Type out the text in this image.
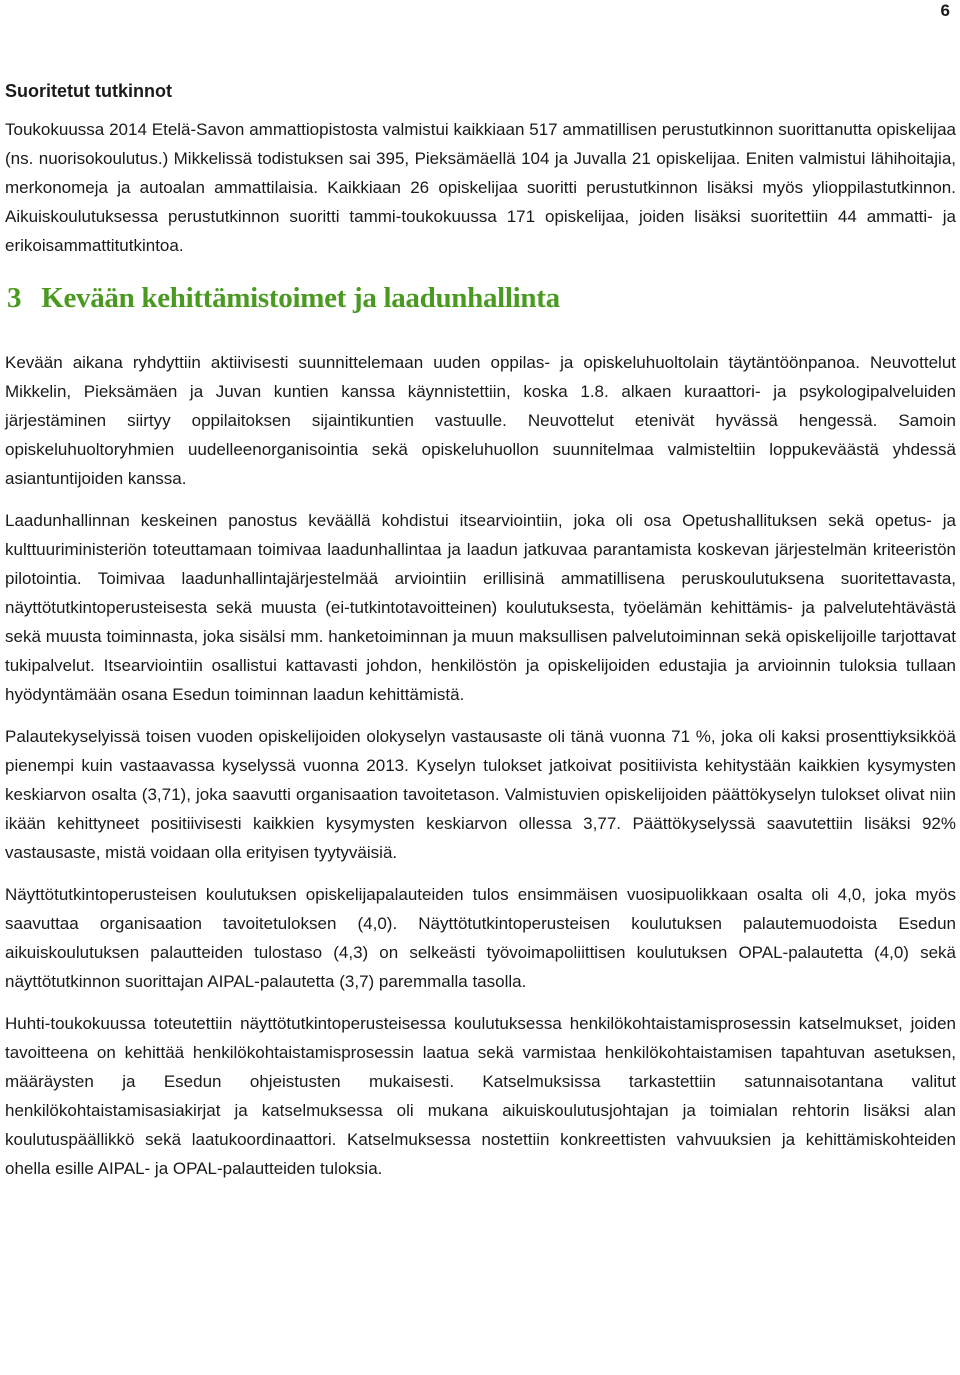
6
Suoritetut tutkinnot

Toukokuussa 2014 Etelä-Savon ammattiopistosta valmistui kaikkiaan 517 ammatillisen perustutkinnon suorittanutta opiskelijaa (ns. nuorisokoulutus.) Mikkelissä todistuksen sai 395, Pieksämäellä 104 ja Juvalla 21 opiskelijaa. Eniten valmistui lähihoitajia, merkonomeja ja autoalan ammattilaisia. Kaikkiaan 26 opiskelijaa suoritti perustutkinnon lisäksi myös ylioppilastutkinnon. Aikuiskoulutuksessa perustutkinnon suoritti tammi-toukokuussa 171 opiskelijaa, joiden lisäksi suoritettiin 44 ammatti- ja erikoisammattitutkintoa.

3 Kevään kehittämistoimet ja laadunhallinta

Kevään aikana ryhdyttiin aktiivisesti suunnittelemaan uuden oppilas- ja opiskeluhuoltolain täytäntöönpanoa. Neuvottelut Mikkelin, Pieksämäen ja Juvan kuntien kanssa käynnistettiin, koska 1.8. alkaen kuraattori- ja psykologipalveluiden järjestäminen siirtyy oppilaitoksen sijaintikuntien vastuulle. Neuvottelut etenivät hyvässä hengessä. Samoin opiskeluhuoltoryhmien uudelleenorganisointia sekä opiskeluhuollon suunnitelmaa valmisteltiin loppukeväästä yhdessä asiantuntijoiden kanssa.

Laadunhallinnan keskeinen panostus keväällä kohdistui itsearviointiin, joka oli osa Opetushallituksen sekä opetus- ja kulttuuriministeriön toteuttamaan toimivaa laadunhallintaa ja laadun jatkuvaa parantamista koskevan järjestelmän kriteeristön pilotointia. Toimivaa laadunhallintajärjestelmää arviointiin erillisinä ammatillisena peruskoulutuksena suoritettavasta, näyttötutkintoperusteisesta sekä muusta (ei-tutkintotavoitteinen) koulutuksesta, työelämän kehittämis- ja palvelutehtävästä sekä muusta toiminnasta, joka sisälsi mm. hanketoiminnan ja muun maksullisen palvelutoiminnan sekä opiskelijoille tarjottavat tukipalvelut. Itsearviointiin osallistui kattavasti johdon, henkilöstön ja opiskelijoiden edustajia ja arvioinnin tuloksia tullaan hyödyntämään osana Esedun toiminnan laadun kehittämistä.

Palautekyselyissä toisen vuoden opiskelijoiden olokyselyn vastausaste oli tänä vuonna 71 %, joka oli kaksi prosenttiyksikköä pienempi kuin vastaavassa kyselyssä vuonna 2013. Kyselyn tulokset jatkoivat positiivista kehitystään kaikkien kysymysten keskiarvon osalta (3,71), joka saavutti organisaation tavoitetason. Valmistuvien opiskelijoiden päättökyselyn tulokset olivat niin ikään kehittyneet positiivisesti kaikkien kysymysten keskiarvon ollessa 3,77. Päättökyselyssä saavutettiin lisäksi 92% vastausaste, mistä voidaan olla erityisen tyytyväisiä.

Näyttötutkintoperusteisen koulutuksen opiskelijapalauteiden tulos ensimmäisen vuosipuolikkaan osalta oli 4,0, joka myös saavuttaa organisaation tavoitetuloksen (4,0). Näyttötutkintoperusteisen koulutuksen palautemuodoista Esedun aikuiskoulutuksen palautteiden tulostaso (4,3) on selkeästi työvoimapoliittisen koulutuksen OPAL-palautetta (4,0) sekä näyttötutkinnon suorittajan AIPAL-palautetta (3,7) paremmalla tasolla.

Huhti-toukokuussa toteutettiin näyttötutkintoperusteisessa koulutuksessa henkilökohtaistamisprosessin katselmukset, joiden tavoitteena on kehittää henkilökohtaistamisprosessin laatua sekä varmistaa henkilökohtaistamisen tapahtuvan asetuksen, määräysten ja Esedun ohjeistusten mukaisesti. Katselmuksissa tarkastettiin satunnaisotantana valitut henkilökohtaistamisasiakirjat ja katselmuksessa oli mukana aikuiskoulutusjohtajan ja toimialan rehtorin lisäksi alan koulutuspäällikkö sekä laatukoordinaattori. Katselmuksessa nostettiin konkreettisten vahvuuksien ja kehittämiskohteiden ohella esille AIPAL- ja OPAL-palautteiden tuloksia.
